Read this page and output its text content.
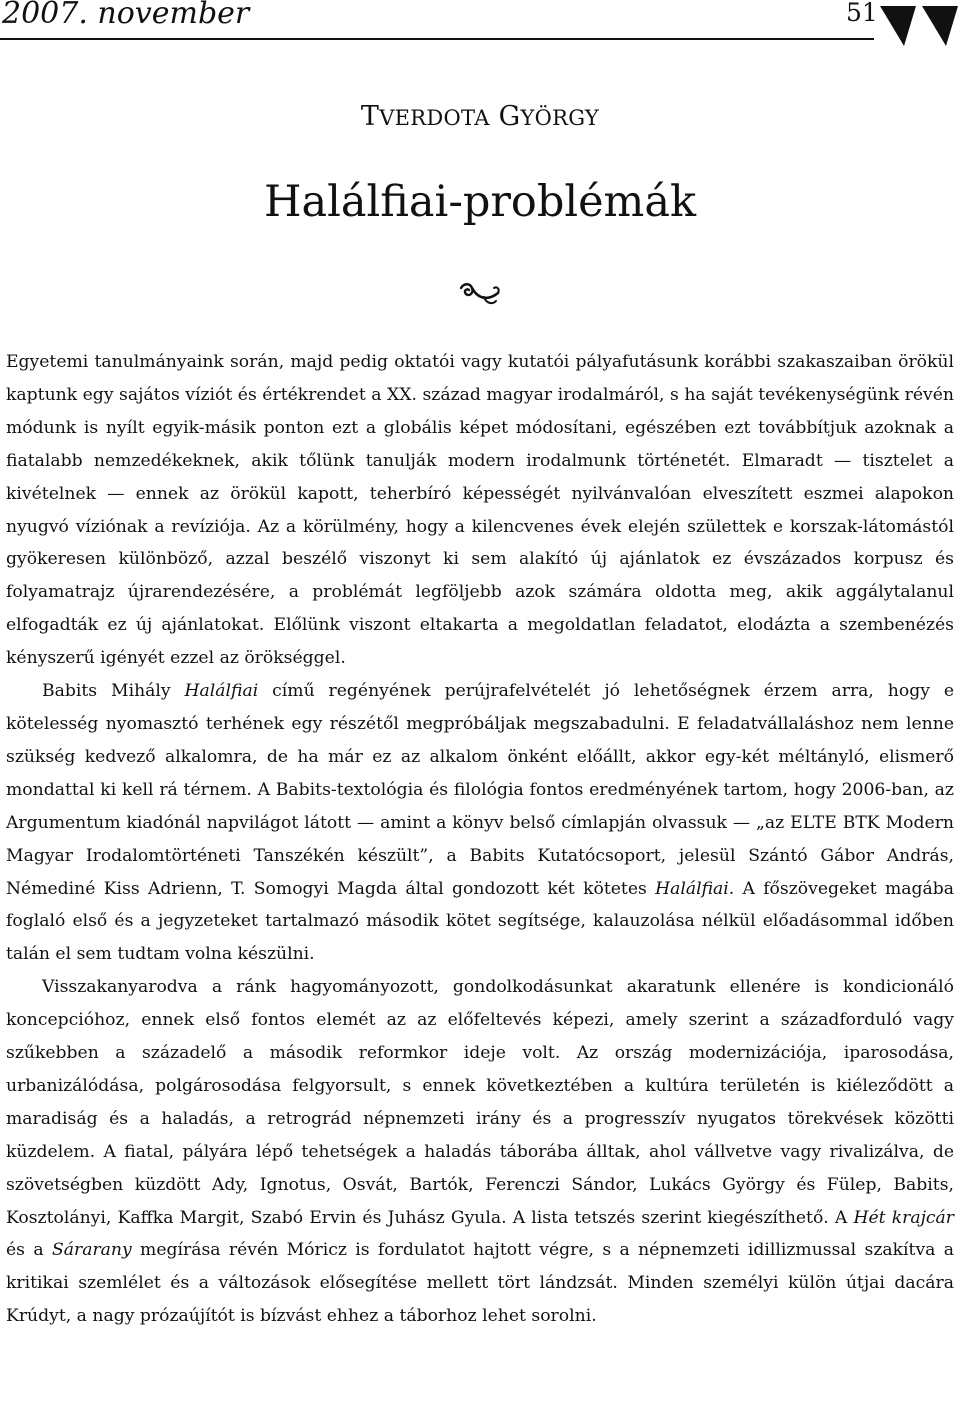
2007. november	51
TVERDOTA GYÖRGY
Halálfiai-problémák

Egyetemi tanulmányaink során, majd pedig oktatói vagy kutatói pályafutásunk korábbi szakaszaiban örökül kaptunk egy sajátos víziót és értékrendet a XX. század magyar irodalmáról, s ha saját tevékenységünk révén módunk is nyílt egyik-másik ponton ezt a globális képet módosítani, egészében ezt továbbítjuk azoknak a fiatalabb nemzedékeknek, akik tőlünk tanulják modern irodalmunk történetét. Elmaradt — tisztelet a kivételnek — ennek az örökül kapott, teherbíró képességét nyilvánvalóan elveszített eszmei alapokon nyugvó víziónak a revíziója. Az a körülmény, hogy a kilencvenes évek elején születtek e korszak-látomástól gyökeresen különböző, azzal beszélő viszonyt ki sem alakító új ajánlatok ez évszázados korpusz és folyamatrajz újrarendezésére, a problémát legföljebb azok számára oldotta meg, akik aggálytalanul elfogadták ez új ajánlatokat. Előlünk viszont eltakarta a megoldatlan feladatot, elodázta a szembenézés kényszerű igényét ezzel az örökséggel.

Babits Mihály Halálfiai című regényének perújrafelvételét jó lehetőségnek érzem arra, hogy e kötelesség nyomasztó terhének egy részétől megpróbáljak megszabadulni. E feladatvállaláshoz nem lenne szükség kedvező alkalomra, de ha már ez az alkalom önként előállt, akkor egy-két méltányló, elismerő mondattal ki kell rá térnem. A Babits-textológia és filológia fontos eredményének tartom, hogy 2006-ban, az Argumentum kiadónál napvilágot látott — amint a könyv belső címlapján olvassuk — „az ELTE BTK Modern Magyar Irodalomtörténeti Tanszékén készült”, a Babits Kutatócsoport, jelesül Szántó Gábor András, Némediné Kiss Adrienn, T. Somogyi Magda által gondozott két kötetes Halálfiai. A főszövegeket magába foglaló első és a jegyzeteket tartalmazó második kötet segítsége, kalauzolása nélkül előadásommal időben talán el sem tudtam volna készülni.

Visszakanyarodva a ránk hagyományozott, gondolkodásunkat akaratunk ellenére is kondicionáló koncepcióhoz, ennek első fontos elemét az az előfeltevés képezi, amely szerint a századforduló vagy szűkebben a századelő a második reformkor ideje volt. Az ország modernizációja, iparosodása, urbanizálódása, polgárosodása felgyorsult, s ennek következtében a kultúra területén is kiéleződött a maradiság és a haladás, a retrográd népnemzeti irány és a progresszív nyugatos törekvések közötti küzdelem. A fiatal, pályára lépő tehetségek a haladás táborába álltak, ahol vállvetve vagy rivalizálva, de szövetségben küzdött Ady, Ignotus, Osvát, Bartók, Ferenczi Sándor, Lukács György és Fülep, Babits, Kosztolányi, Kaffka Margit, Szabó Ervin és Juhász Gyula. A lista tetszés szerint kiegészíthető. A Hét krajcár és a Sárarany megírása révén Móricz is fordulatot hajtott végre, s a népnemzeti idillizmussal szakítva a kritikai szemlélet és a változások elősegítése mellett tört lándzsát. Minden személyi külön útjai dacára Krúdyt, a nagy prózaújítót is bízvást ehhez a táborhoz lehet sorolni.
